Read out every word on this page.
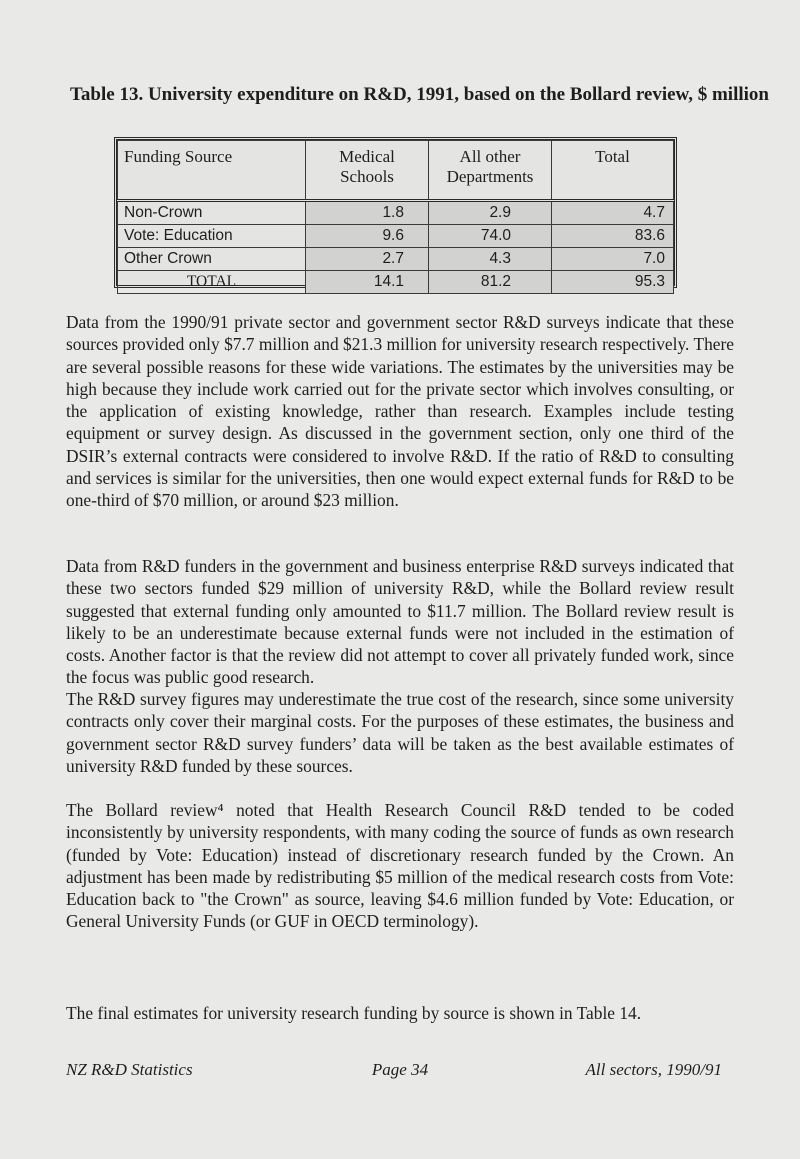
Table 13. University expenditure on R&D, 1991, based on the Bollard review, $ million
Funding Source	Medical Schools	All other Departments	Total
Non-Crown	1.8	2.9	4.7
Vote: Education	9.6	74.0	83.6
Other Crown	2.7	4.3	7.0
TOTAL	14.1	81.2	95.3

Data from the 1990/91 private sector and government sector R&D surveys indicate that these sources provided only $7.7 million and $21.3 million for university research respectively. There are several possible reasons for these wide variations. The estimates by the universities may be high because they include work carried out for the private sector which involves consulting, or the application of existing knowledge, rather than research. Examples include testing equipment or survey design. As discussed in the government section, only one third of the DSIR’s external contracts were considered to involve R&D. If the ratio of R&D to consulting and services is similar for the universities, then one would expect external funds for R&D to be one-third of $70 million, or around $23 million.

Data from R&D funders in the government and business enterprise R&D surveys indicated that these two sectors funded $29 million of university R&D, while the Bollard review result suggested that external funding only amounted to $11.7 million. The Bollard review result is likely to be an underestimate because external funds were not included in the estimation of costs. Another factor is that the review did not attempt to cover all privately funded work, since the focus was public good research.

The R&D survey figures may underestimate the true cost of the research, since some university contracts only cover their marginal costs. For the purposes of these estimates, the business and government sector R&D survey funders’ data will be taken as the best available estimates of university R&D funded by these sources.

The Bollard review⁴ noted that Health Research Council R&D tended to be coded inconsistently by university respondents, with many coding the source of funds as own research (funded by Vote: Education) instead of discretionary research funded by the Crown. An adjustment has been made by redistributing $5 million of the medical research costs from Vote: Education back to "the Crown" as source, leaving $4.6 million funded by Vote: Education, or General University Funds (or GUF in OECD terminology).

The final estimates for university research funding by source is shown in Table 14.

NZ R&D Statistics	Page 34	All sectors, 1990/91
